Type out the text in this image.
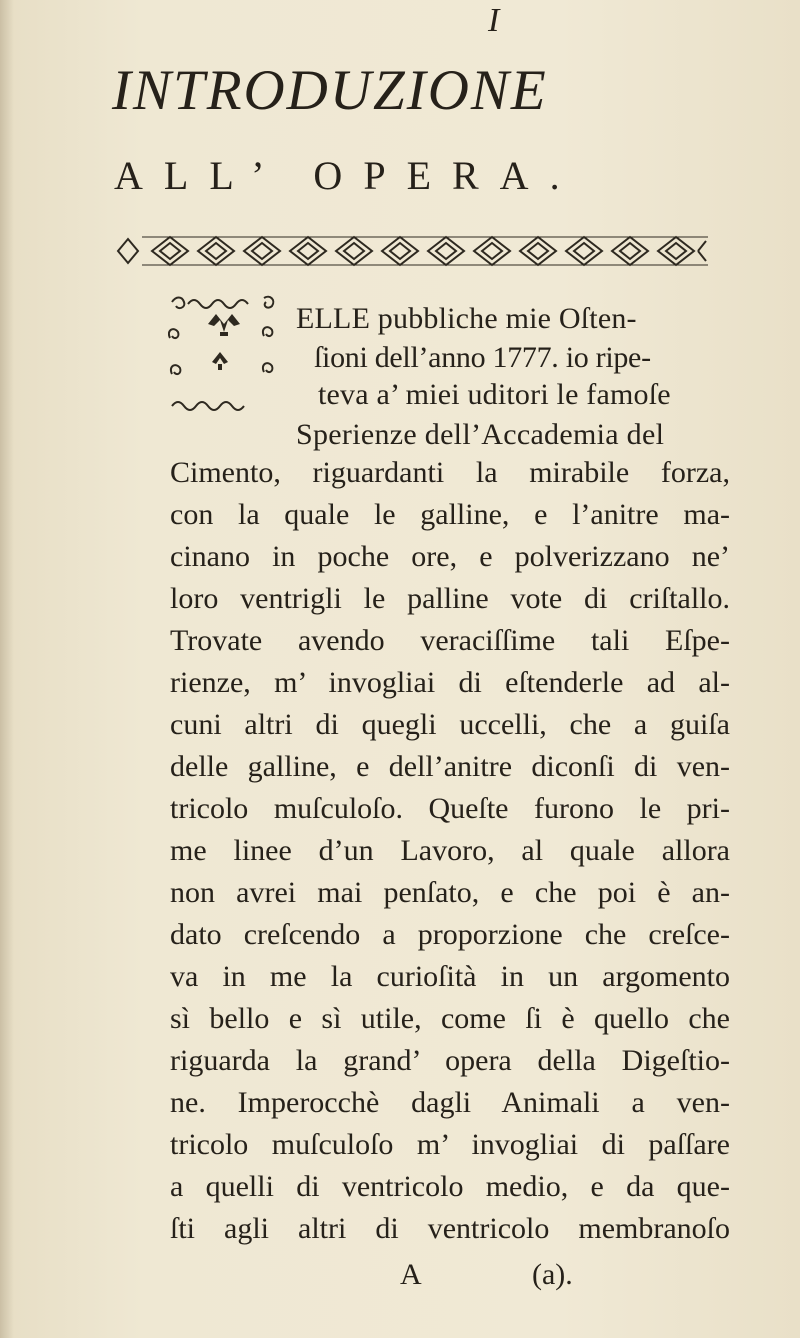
I
INTRODUZIONE
ALL’ OPERA.
ELLE pubbliche mie Oſten-
ſioni dell’anno 1777. io ripe-
teva a’ miei uditori le famoſe
Sperienze dell’Accademia del
Cimento, riguardanti la mirabile forza,
con la quale le galline, e l’anitre ma-
cinano in poche ore, e polverizzano ne’
loro ventrigli le palline vote di criſtallo.
Trovate avendo veraciſſime tali Eſpe-
rienze, m’ invogliai di eſtenderle ad al-
cuni altri di quegli uccelli, che a guiſa
delle galline, e dell’anitre diconſi di ven-
tricolo muſculoſo. Queſte furono le pri-
me linee d’un Lavoro, al quale allora
non avrei mai penſato, e che poi è an-
dato creſcendo a proporzione che creſce-
va in me la curioſità in un argomento
sì bello e sì utile, come ſi è quello che
riguarda la grand’ opera della Digeſtio-
ne. Imperocchè dagli Animali a ven-
tricolo muſculoſo m’ invogliai di paſſare
a quelli di ventricolo medio, e da que-
ſti agli altri di ventricolo membranoſo
A	(a).
